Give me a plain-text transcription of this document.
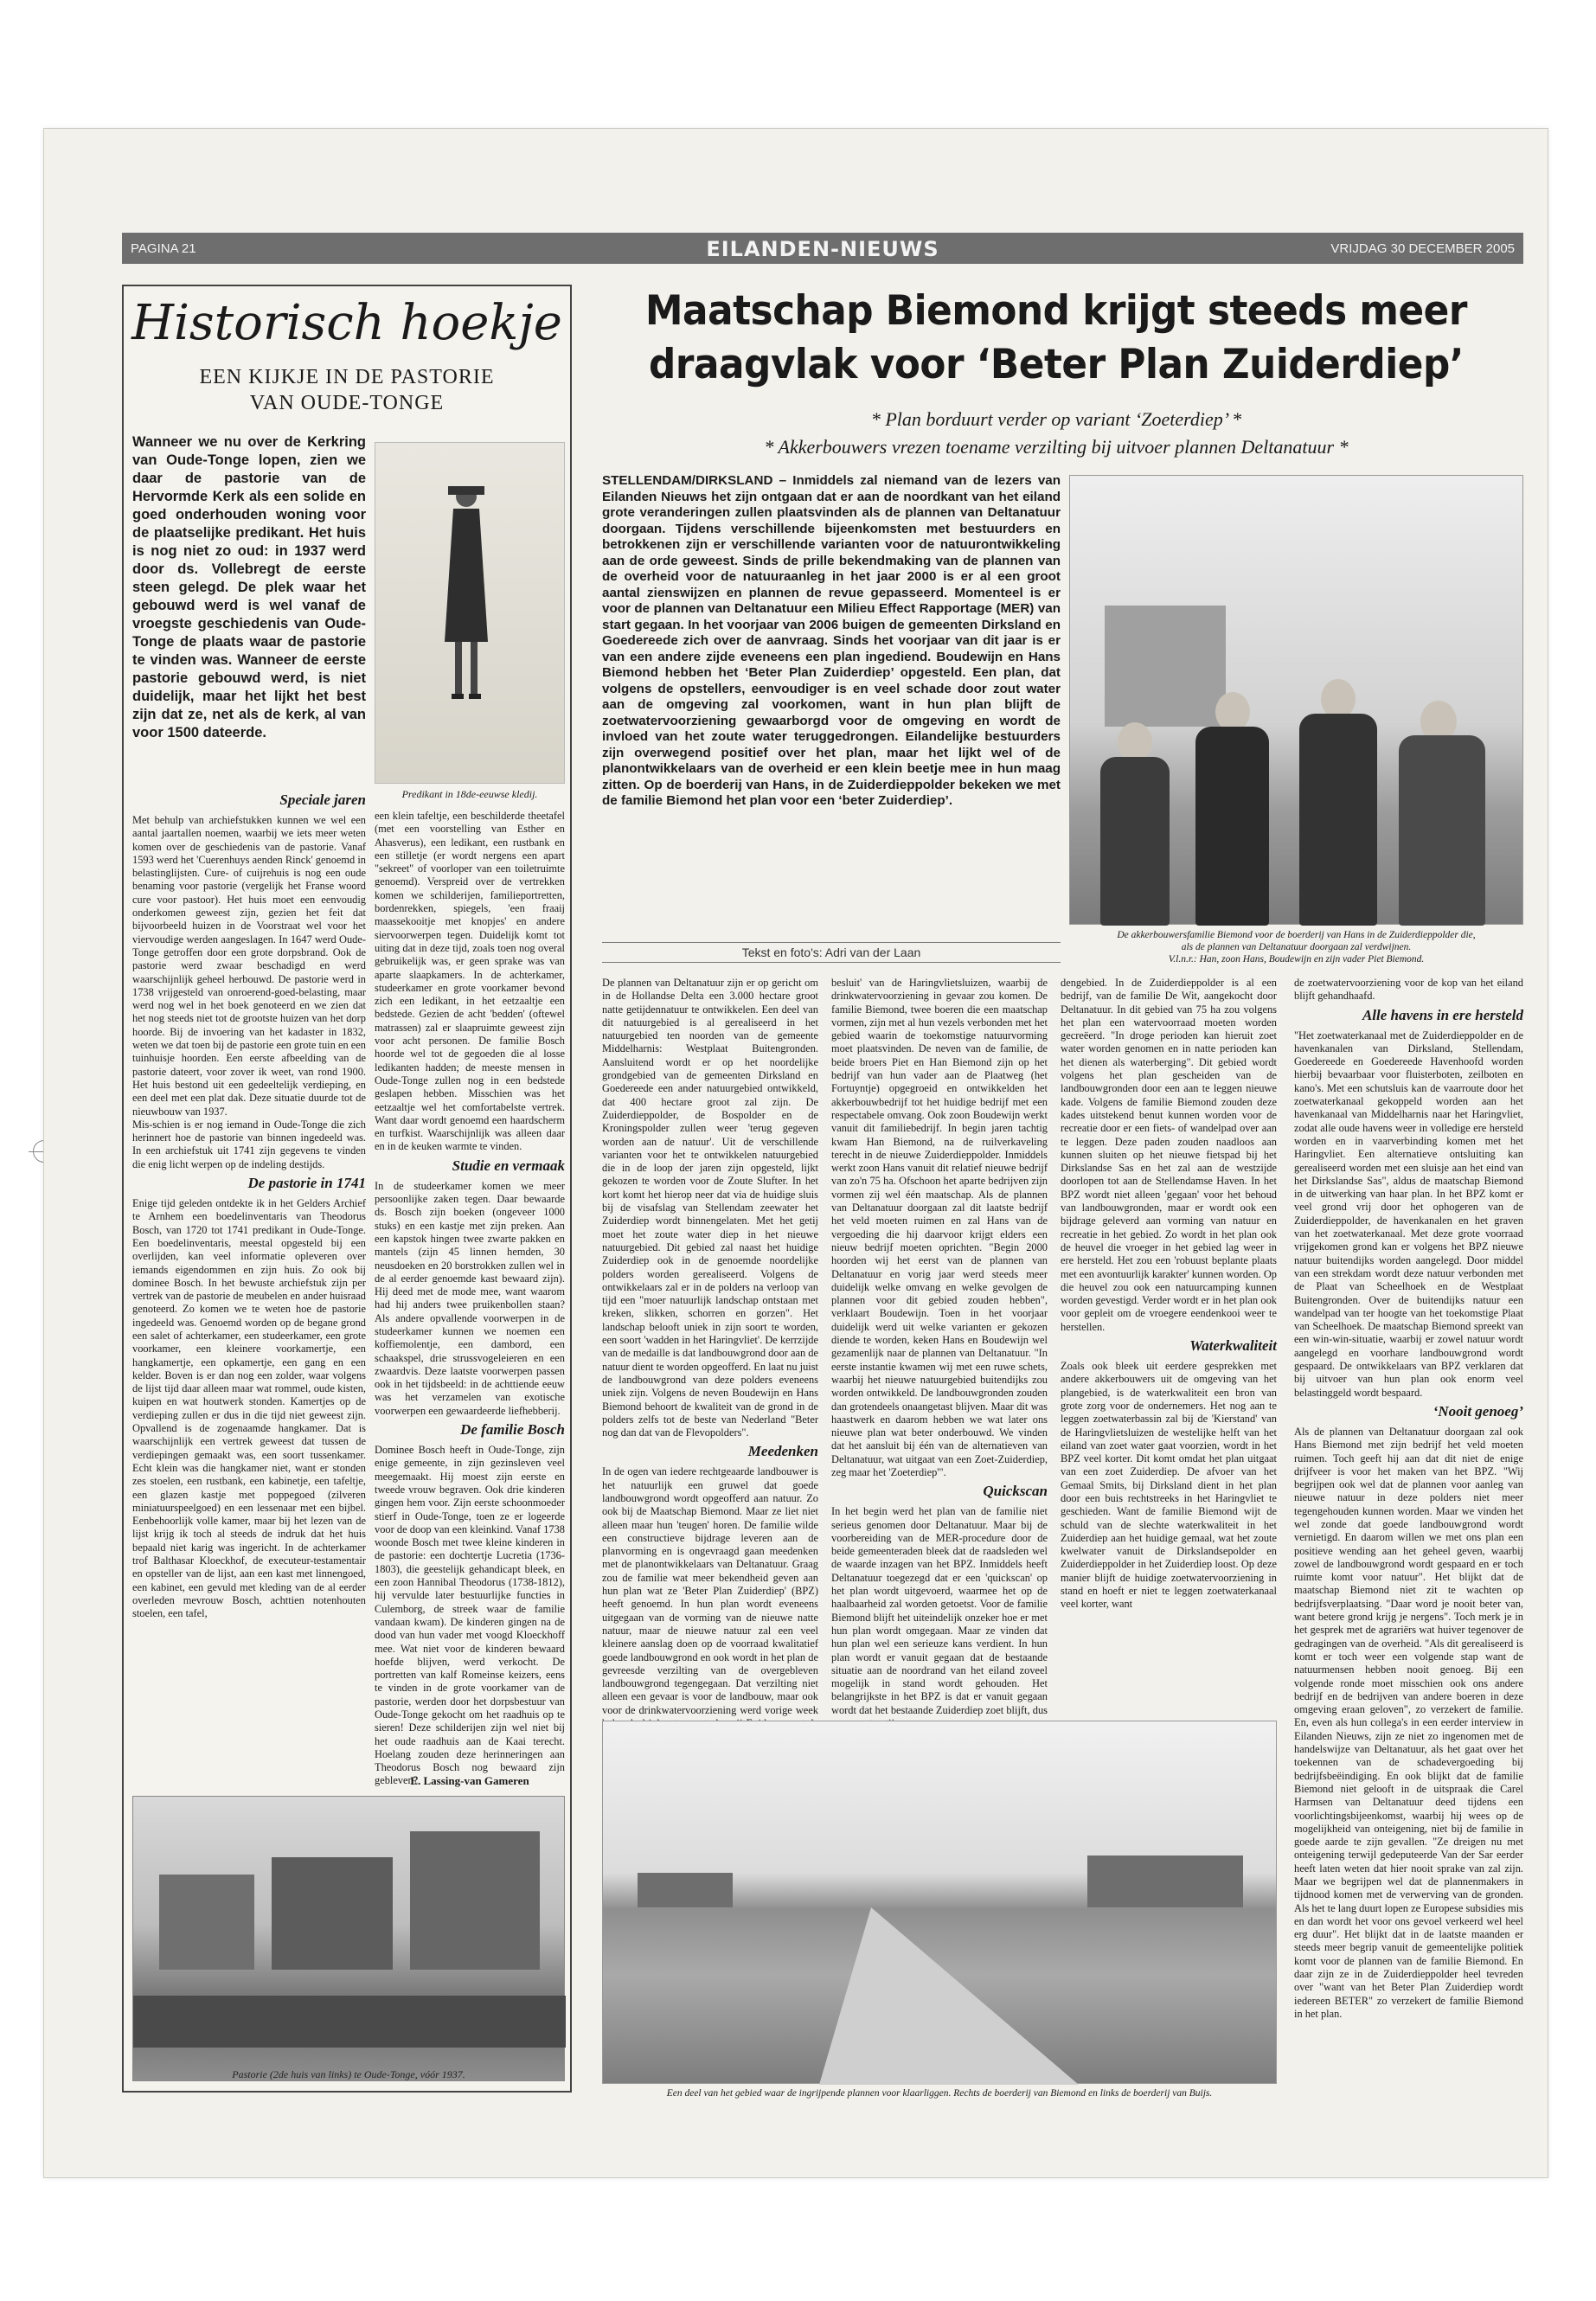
PAGINA 21	EILANDEN-NIEUWS	VRIJDAG 30 DECEMBER 2005
Historisch hoekje
EEN KIJKJE IN DE PASTORIE
VAN OUDE-TONGE
Wanneer we nu over de Kerkring van Oude-Tonge lopen, zien we daar de pastorie van de Hervormde Kerk als een solide en goed onderhouden woning voor de plaatselijke predikant. Het huis is nog niet zo oud: in 1937 werd door ds. Vollebregt de eerste steen gelegd. De plek waar het gebouwd werd is wel vanaf de vroegste geschiedenis van Oude-Tonge de plaats waar de pastorie te vinden was. Wanneer de eerste pastorie gebouwd werd, is niet duidelijk, maar het lijkt het best zijn dat ze, net als de kerk, al van voor 1500 dateerde.
Predikant in 18de-eeuwse kledij.
Speciale jaren

Met behulp van archiefstukken kunnen we wel een aantal jaartallen noemen, waarbij we iets meer weten komen over de geschiedenis van de pastorie. Vanaf 1593 werd het 'Cuerenhuys aenden Rinck' genoemd in belastinglijsten. Cure- of cuijrehuis is nog een oude benaming voor pastorie (vergelijk het Franse woord cure voor pastoor). Het huis moet een eenvoudig onderkomen geweest zijn, gezien het feit dat bijvoorbeeld huizen in de Voorstraat wel voor het viervoudige werden aangeslagen. In 1647 werd Oude-Tonge getroffen door een grote dorpsbrand. Ook de pastorie werd zwaar beschadigd en werd waarschijnlijk geheel herbouwd. De pastorie werd in 1738 vrijgesteld van onroerend-goed-belasting, maar werd nog wel in het boek genoteerd en we zien dat het nog steeds niet tot de grootste huizen van het dorp hoorde. Bij de invoering van het kadaster in 1832, weten we dat toen bij de pastorie een grote tuin en een tuinhuisje hoorden. Een eerste afbeelding van de pastorie dateert, voor zover ik weet, van rond 1900. Het huis bestond uit een gedeeltelijk verdieping, en een deel met een plat dak. Deze situatie duurde tot de nieuwbouw van 1937.

Mis-schien is er nog iemand in Oude-Tonge die zich herinnert hoe de pastorie van binnen ingedeeld was. In een archiefstuk uit 1741 zijn gegevens te vinden die enig licht werpen op de indeling destijds.

De pastorie in 1741

Enige tijd geleden ontdekte ik in het Gelders Archief te Arnhem een boedelinventaris van Theodorus Bosch, van 1720 tot 1741 predikant in Oude-Tonge. Een boedelinventaris, meestal opgesteld bij een overlijden, kan veel informatie opleveren over iemands eigendommen en zijn huis. Zo ook bij dominee Bosch. In het bewuste archiefstuk zijn per vertrek van de pastorie de meubelen en ander huisraad genoteerd. Zo komen we te weten hoe de pastorie ingedeeld was. Genoemd worden op de begane grond een salet of achterkamer, een studeerkamer, een grote voorkamer, een kleinere voorkamertje, een hangkamertje, een opkamertje, een gang en een kelder. Boven is er dan nog een zolder, waar volgens de lijst tijd daar alleen maar wat rommel, oude kisten, kuipen en wat houtwerk stonden. Kamertjes op de verdieping zullen er dus in die tijd niet geweest zijn. Opvallend is de zogenaamde hangkamer. Dat is waarschijnlijk een vertrek geweest dat tussen de verdiepingen gemaakt was, een soort tussenkamer. Echt klein was die hangkamer niet, want er stonden zes stoelen, een rustbank, een kabinetje, een tafeltje, een glazen kastje met poppegoed (zilveren miniatuurspeelgoed) en een lessenaar met een bijbel. Eenbehoorlijk volle kamer, maar bij het lezen van de lijst krijg ik toch al steeds de indruk dat het huis bepaald niet karig was ingericht. In de achterkamer trof Balthasar Kloeckhof, de executeur-testamentair en opsteller van de lijst, aan een kast met linnengoed, een kabinet, een gevuld met kleding van de al eerder overleden mevrouw Bosch, achttien notenhouten stoelen, een tafel,

een klein tafeltje, een beschilderde theetafel (met een voorstelling van Esther en Ahasverus), een ledikant, een rustbank en een stilletje (er wordt nergens een apart "sekreet" of voorloper van een toiletruimte genoemd). Verspreid over de vertrekken komen we schilderijen, familieportretten, bordenrekken, spiegels, 'een fraaij maassekooitje met knopjes' en andere siervoorwerpen tegen. Duidelijk komt tot uiting dat in deze tijd, zoals toen nog overal gebruikelijk was, er geen sprake was van aparte slaapkamers. In de achterkamer, studeerkamer en grote voorkamer bevond zich een ledikant, in het eetzaaltje een bedstede. Gezien de acht 'bedden' (oftewel matrassen) zal er slaapruimte geweest zijn voor acht personen. De familie Bosch hoorde wel tot de gegoeden die al losse ledikanten hadden; de meeste mensen in Oude-Tonge zullen nog in een bedstede geslapen hebben. Misschien was het eetzaaltje wel het comfortabelste vertrek. Want daar wordt genoemd een haardscherm en turfkist. Waarschijnlijk was alleen daar en in de keuken warmte te vinden.

Studie en vermaak

In de studeerkamer komen we meer persoonlijke zaken tegen. Daar bewaarde ds. Bosch zijn boeken (ongeveer 1000 stuks) en een kastje met zijn preken. Aan een kapstok hingen twee zwarte pakken en mantels (zijn 45 linnen hemden, 30 neusdoeken en 20 borstrokken zullen wel in de al eerder genoemde kast bewaard zijn). Hij deed met de mode mee, want waarom had hij anders twee pruikenbollen staan? Als andere opvallende voorwerpen in de studeerkamer kunnen we noemen een koffiemolentje, een dambord, een schaakspel, drie strussvogeleieren en een zwaardvis. Deze laatste voorwerpen passen ook in het tijdsbeeld: in de achttiende eeuw was het verzamelen van exotische voorwerpen een gewaardeerde liefhebberij.

De familie Bosch

Dominee Bosch heeft in Oude-Tonge, zijn enige gemeente, in zijn gezinsleven veel meegemaakt. Hij moest zijn eerste en tweede vrouw begraven. Ook drie kinderen gingen hem voor. Zijn eerste schoonmoeder stierf in Oude-Tonge, toen ze er logeerde voor de doop van een kleinkind. Vanaf 1738 woonde Bosch met twee kleine kinderen in de pastorie: een dochtertje Lucretia (1736-1803), die geestelijk gehandicapt bleek, en een zoon Hannibal Theodorus (1738-1812), hij vervulde later bestuurlijke functies in Culemborg, de streek waar de familie vandaan kwam). De kinderen gingen na de dood van hun vader met voogd Kloeckhoff mee. Wat niet voor de kinderen bewaard hoefde blijven, werd verkocht. De portretten van kalf Romeinse keizers, eens te vinden in de grote voorkamer van de pastorie, werden door het dorpsbestuur van Oude-Tonge gekocht om het raadhuis op te sieren! Deze schilderijen zijn wel niet bij het oude raadhuis aan de Kaai terecht. Hoelang zouden deze herinneringen aan Theodorus Bosch nog bewaard zijn gebleven?

E. Lassing-van Gameren
Pastorie (2de huis van links) te Oude-Tonge, vóór 1937.
Maatschap Biemond krijgt steeds meer
draagvlak voor ‘Beter Plan Zuiderdiep’
* Plan borduurt verder op variant ‘Zoeterdiep’ *
* Akkerbouwers vrezen toename verzilting bij uitvoer plannen Deltanatuur *
STELLENDAM/DIRKSLAND – Inmiddels zal niemand van de lezers van Eilanden Nieuws het zijn ontgaan dat er aan de noordkant van het eiland grote veranderingen zullen plaatsvinden als de plannen van Deltanatuur doorgaan. Tijdens verschillende bijeenkomsten met bestuurders en betrokkenen zijn er verschillende varianten voor de natuurontwikkeling aan de orde geweest. Sinds de prille bekendmaking van de plannen van de overheid voor de natuuraanleg in het jaar 2000 is er al een groot aantal zienswijzen en plannen de revue gepasseerd. Momenteel is er voor de plannen van Deltanatuur een Milieu Effect Rapportage (MER) van start gegaan. In het voorjaar van 2006 buigen de gemeenten Dirksland en Goedereede zich over de aanvraag. Sinds het voorjaar van dit jaar is er van een andere zijde eveneens een plan ingediend. Boudewijn en Hans Biemond hebben het ‘Beter Plan Zuiderdiep’ opgesteld. Een plan, dat volgens de opstellers, eenvoudiger is en veel schade door zout water aan de omgeving zal voorkomen, want in hun plan blijft de zoetwatervoorziening gewaarborgd voor de omgeving en wordt de invloed van het zoute water teruggedrongen. Eilandelijke bestuurders zijn overwegend positief over het plan, maar het lijkt wel of de planontwikkelaars van de overheid er een klein beetje mee in hun maag zitten. Op de boerderij van Hans, in de Zuiderdieppolder bekeken we met de familie Biemond het plan voor een ‘beter Zuiderdiep’.
Tekst en foto's: Adri van der Laan
De akkerbouwersfamilie Biemond voor de boerderij van Hans in de Zuiderdieppolder die,
als de plannen van Deltanatuur doorgaan zal verdwijnen.
V.l.n.r.: Han, zoon Hans, Boudewijn en zijn vader Piet Biemond.

De plannen van Deltanatuur zijn er op gericht om in de Hollandse Delta een 3.000 hectare groot natte getijdennatuur te ontwikkelen. Een deel van dit natuurgebied is al gerealiseerd in het natuurgebied ten noorden van de gemeente Middelharnis: Westplaat Buitengronden. Aansluitend wordt er op het noordelijke grondgebied van de gemeenten Dirksland en Goedereede een ander natuurgebied ontwikkeld, dat 400 hectare groot zal zijn. De Zuiderdieppolder, de Bospolder en de Kroningspolder zullen weer 'terug gegeven worden aan de natuur'. Uit de verschillende varianten voor het te ontwikkelen natuurgebied die in de loop der jaren zijn opgesteld, lijkt gekozen te worden voor de Zoute Slufter. In het kort komt het hierop neer dat via de huidige sluis bij de visafslag van Stellendam zeewater het Zuiderdiep wordt binnengelaten. Met het getij moet het zoute water diep in het nieuwe natuurgebied. Dit gebied zal naast het huidige Zuiderdiep ook in de genoemde noordelijke polders worden gerealiseerd. Volgens de ontwikkelaars zal er in de polders na verloop van tijd een "moer natuurlijk landschap ontstaan met kreken, slikken, schorren en gorzen". Het landschap belooft uniek in zijn soort te worden, een soort 'wadden in het Haringvliet'. De kerrzijde van de medaille is dat landbouwgrond door aan de natuur dient te worden opgeofferd. En laat nu juist de landbouwgrond van deze polders eveneens uniek zijn. Volgens de neven Boudewijn en Hans Biemond behoort de kwaliteit van de grond in de polders zelfs tot de beste van Nederland "Beter nog dan dat van de Flevopolders".

Meedenken

In de ogen van iedere rechtgeaarde landbouwer is het natuurlijk een gruwel dat goede landbouwgrond wordt opgeofferd aan natuur. Zo ook bij de Maatschap Biemond. Maar ze liet niet alleen maar hun 'teugen' horen. De familie wilde een constructieve bijdrage leveren aan de planvorming en is ongevraagd gaan meedenken met de planontwikkelaars van Deltanatuur. Graag zou de familie wat meer bekendheid geven aan hun plan wat ze 'Beter Plan Zuiderdiep' (BPZ) heeft genoemd. In hun plan wordt eveneens uitgegaan van de vorming van de nieuwe natte natuur, maar de nieuwe natuur zal een veel kleinere aanslag doen op de voorraad kwalitatief goede landbouwgrond en ook wordt in het plan de gevreesde verzilting van de overgebleven landbouwgrond tegengegaan. Dat verzilting niet alleen een gevaar is voor de landbouw, maar ook voor de drinkwatervoorziening werd vorige week

besluit' van de Haringvlietsluizen, waarbij de drinkwatervoorziening in gevaar zou komen. De familie Biemond, twee boeren die een maatschap vormen, zijn met al hun vezels verbonden met het gebied waarin de toekomstige natuurvorming moet plaatsvinden. De neven van de familie, de beide broers Piet en Han Biemond zijn op het bedrijf van hun vader aan de Plaatweg (het Fortuyntje) opgegroeid en ontwikkelden het akkerbouwbedrijf tot het huidige bedrijf met een respectabele omvang. Ook zoon Boudewijn werkt vanuit dit familiebedrijf. In begin jaren tachtig kwam Han Biemond, na de ruilverkaveling terecht in de nieuwe Zuiderdieppolder. Inmiddels werkt zoon Hans vanuit dit relatief nieuwe bedrijf van zo'n 75 ha. Ofschoon het aparte bedrijven zijn vormen zij wel één maatschap. Als de plannen van Deltanatuur doorgaan zal dit laatste bedrijf het veld moeten ruimen en zal Hans van de vergoeding die hij daarvoor krijgt elders een nieuw bedrijf moeten oprichten. "Begin 2000 hoorden wij het eerst van de plannen van Deltanatuur en vorig jaar werd steeds meer duidelijk welke omvang en welke gevolgen de plannen voor dit gebied zouden hebben", verklaart Boudewijn. Toen in het voorjaar duidelijk werd uit welke varianten er gekozen diende te worden, keken Hans en Boudewijn wel gezamenlijk naar de plannen van Deltanatuur. "In eerste instantie kwamen wij met een ruwe schets, waarbij het nieuwe natuurgebied buitendijks zou worden ontwikkeld. De landbouwgronden zouden dan grotendeels onaangetast blijven. Maar dit was haastwerk en daarom hebben we wat later ons nieuwe plan wat beter onderbouwd. We vinden dat het aansluit bij één van de alternatieven van Deltanatuur, wat uitgaat van een Zoet-Zuiderdiep, zeg maar het 'Zoeterdiep'".

Quickscan

In het begin werd het plan van de familie niet serieus genomen door Deltanatuur. Maar bij de voorbereiding van de MER-procedure door de beide gemeenteraden bleek dat de raadsleden wel de waarde inzagen van het BPZ. Inmiddels heeft Deltanatuur toegezegd dat er een 'quickscan' op het plan wordt uitgevoerd, waarmee het op de haalbaarheid zal worden getoetst. Voor de familie Biemond blijft het uiteindelijk onzeker hoe er met hun plan wordt omgegaan. Maar ze vinden dat hun plan wel een serieuze kans verdient. In hun plan wordt er vanuit gegaan dat de bestaande situatie aan de noordrand van het eiland zoveel mogelijk in stand wordt gehouden. Het belangrijkste in het BPZ is dat er vanuit gegaan wordt dat het bestaande Zuiderdiep zoet blijft, dus

dengebied. In de Zuiderdieppolder is al een bedrijf, van de familie De Wit, aangekocht door Deltanatuur. In dit gebied van 75 ha zou volgens het plan een watervoorraad moeten worden gecreëerd. "In droge perioden kan hieruit zoet water worden genomen en in natte perioden kan het dienen als waterberging". Dit gebied wordt volgens het plan gescheiden van de landbouwgronden door een aan te leggen nieuwe kade. Volgens de familie Biemond zouden deze kades uitstekend benut kunnen worden voor de recreatie door er een fiets- of wandelpad over aan te leggen. Deze paden zouden naadloos aan kunnen sluiten op het nieuwe fietspad bij het Dirkslandse Sas en het zal aan de westzijde doorlopen tot aan de Stellendamse Haven. In het BPZ wordt niet alleen 'gegaan' voor het behoud van landbouwgronden, maar er wordt ook een bijdrage geleverd aan vorming van natuur en recreatie in het gebied. Zo wordt in het plan ook de heuvel die vroeger in het gebied lag weer in ere hersteld. Het zou een 'robuust beplante plaats met een avontuurlijk karakter' kunnen worden. Op die heuvel zou ook een natuurcamping kunnen worden gevestigd. Verder wordt er in het plan ook voor gepleit om de vroegere eendenkooi weer te herstellen.

Waterkwaliteit

Zoals ook bleek uit eerdere gesprekken met andere akkerbouwers uit de omgeving van het plangebied, is de waterkwaliteit een bron van grote zorg voor de ondernemers. Het nog aan te leggen zoetwaterbassin zal bij de 'Kierstand' van de Haringvlietsluizen de westelijke helft van het eiland van zoet water gaat voorzien, wordt in het BPZ veel korter. Dit komt omdat het plan uitgaat van een zoet Zuiderdiep. De afvoer van het Gemaal Smits, bij Dirksland dient in het plan door een buis rechtstreeks in het Haringvliet te geschieden. Want de familie Biemond wijt de schuld van de slechte waterkwaliteit in het Zuiderdiep aan het huidige gemaal, wat het zoute kwelwater vanuit de Dirkslandsepolder en Zuiderdieppolder in het Zuiderdiep loost. Op deze manier blijft de huidige zoetwatervoorziening in stand en hoeft er niet te leggen zoetwaterkanaal veel korter, want

de zoetwatervoorziening voor de kop van het eiland blijft gehandhaafd.

Alle havens in ere hersteld

"Het zoetwaterkanaal met de Zuiderdieppolder en de havenkanalen van Dirksland, Stellendam, Goedereede en Goedereede Havenhoofd worden hierbij bevaarbaar voor fluisterboten, zeilboten en kano's. Met een schutsluis kan de vaarroute door het zoetwaterkanaal gekoppeld worden aan het havenkanaal van Middelharnis naar het Haringvliet, zodat alle oude havens weer in volledige ere hersteld worden en in vaarverbinding komen met het Haringvliet. Een alternatieve ontsluiting kan gerealiseerd worden met een sluisje aan het eind van het Dirkslandse Sas", aldus de maatschap Biemond in de uitwerking van haar plan. In het BPZ komt er veel grond vrij door het ophogeren van de Zuiderdieppolder, de havenkanalen en het graven van het zoetwaterkanaal. Met deze grote voorraad vrijgekomen grond kan er volgens het BPZ nieuwe natuur buitendijks worden aangelegd. Door middel van een strekdam wordt deze natuur verbonden met de Plaat van Scheelhoek en de Westplaat Buitengronden. Over de buitendijks natuur een wandelpad van ter hoogte van het toekomstige Plaat van Scheelhoek. De maatschap Biemond spreekt van een win-win-situatie, waarbij er zowel natuur wordt aangelegd en voorhare landbouwgrond wordt gespaard. De ontwikkelaars van BPZ verklaren dat bij uitvoer van hun plan ook enorm veel belastinggeld wordt bespaard.

‘Nooit genoeg’

Als de plannen van Deltanatuur doorgaan zal ook Hans Biemond met zijn bedrijf het veld moeten ruimen. Toch geeft hij aan dat dit niet de enige drijfveer is voor het maken van het BPZ. "Wij begrijpen ook wel dat de plannen voor aanleg van nieuwe natuur in deze polders niet meer tegengehouden kunnen worden. Maar we vinden het wel zonde dat goede landbouwgrond wordt vernietigd. En daarom willen we met ons plan een positieve wending aan het geheel geven, waarbij zowel de landbouwgrond wordt gespaard en er toch ruimte komt voor natuur". Het blijkt dat de maatschap Biemond niet zit te wachten op bedrijfsverplaatsing. "Daar word je nooit beter van, want betere grond krijg je nergens". Toch merk je in het gesprek met de agrariërs wat huiver tegenover de gedragingen van de overheid. "Als dit gerealiseerd is komt er toch weer een volgende stap want de natuurmensen hebben nooit genoeg. Bij een volgende ronde moet misschien ook ons andere bedrijf en de bedrijven van andere boeren in deze omgeving eraan geloven", zo verzekert de familie. En, even als hun collega's in een eerder interview in Eilanden Nieuws, zijn ze niet zo ingenomen met de handelswijze van Deltanatuur, als het gaat over het toekennen van de schadevergoeding bij bedrijfsbeëindiging. En ook blijkt dat de familie Biemond niet gelooft in de uitspraak die Carel Harmsen van Deltanatuur deed tijdens een voorlichtingsbijeenkomst, waarbij hij wees op de mogelijkheid van onteigening, niet bij de familie in goede aarde te zijn gevallen. "Ze dreigen nu met onteigening terwijl gedeputeerde Van der Sar eerder heeft laten weten dat hier nooit sprake van zal zijn. Maar we begrijpen wel dat de plannenmakers in tijdnood komen met de verwerving van de gronden. Als het te lang duurt lopen ze Europese subsidies mis en dan wordt het voor ons gevoel verkeerd wel heel erg duur". Het blijkt dat in de laatste maanden er steeds meer begrip vanuit de gemeentelijke politiek komt voor de plannen van de familie Biemond. En daar zijn ze in de Zuiderdieppolder heel tevreden over "want van het Beter Plan Zuiderdiep wordt iedereen BETER" zo verzekert de familie Biemond in het plan.

Een deel van het gebied waar de ingrijpende plannen voor klaarliggen. Rechts de boerderij van Biemond en links de boerderij van Buijs.
